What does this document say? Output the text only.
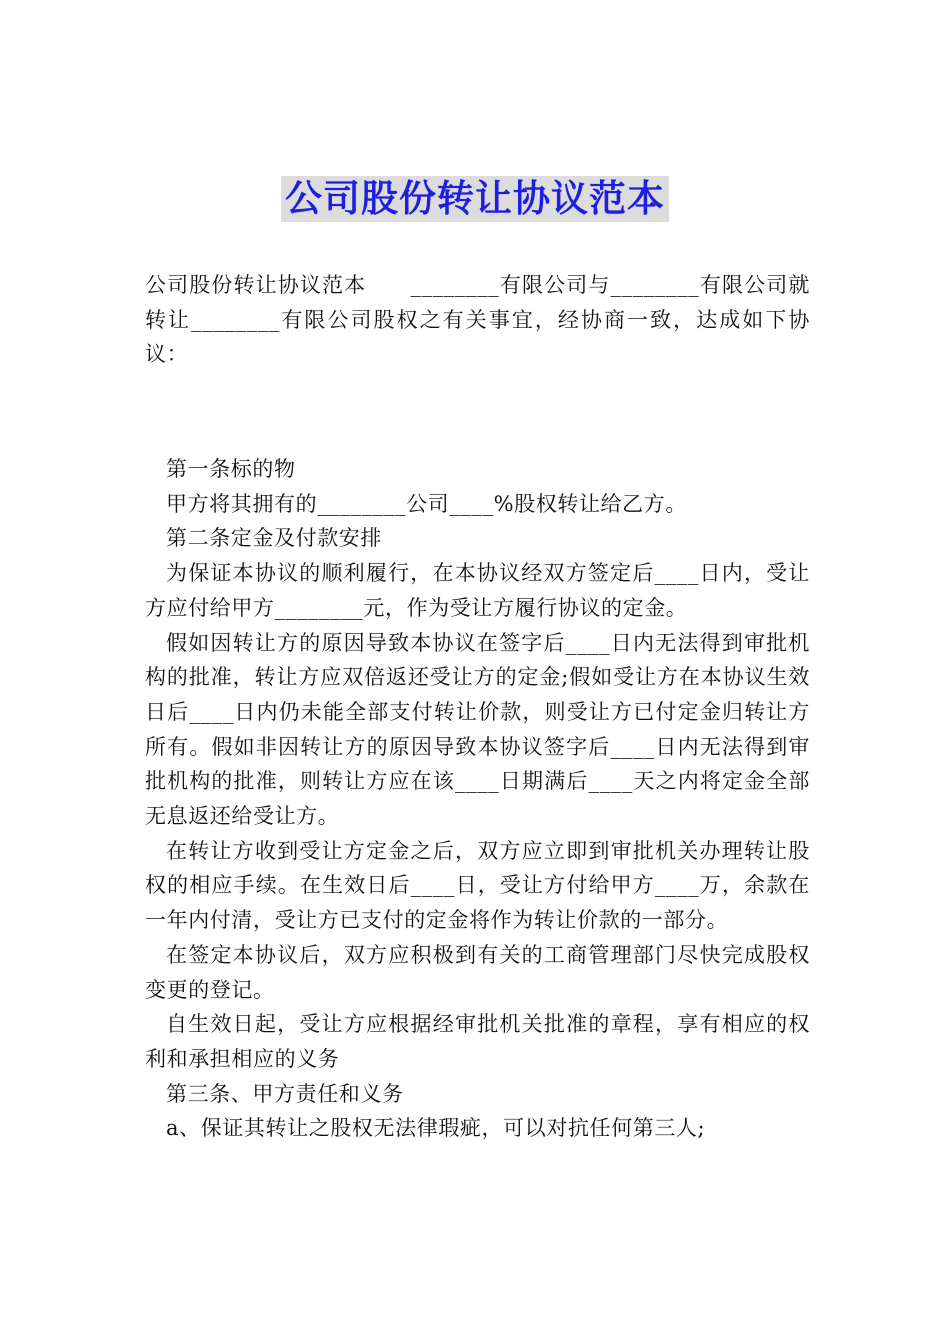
公司股份转让协议范本

公司股份转让协议范本　　________有限公司与________有限公司就转让________有限公司股权之有关事宜，经协商一致，达成如下协议：

第一条标的物

甲方将其拥有的________公司____%股权转让给乙方。

第二条定金及付款安排

为保证本协议的顺利履行，在本协议经双方签定后____日内，受让方应付给甲方________元，作为受让方履行协议的定金。

假如因转让方的原因导致本协议在签字后____日内无法得到审批机构的批准，转让方应双倍返还受让方的定金;假如受让方在本协议生效日后____日内仍未能全部支付转让价款，则受让方已付定金归转让方所有。假如非因转让方的原因导致本协议签字后____日内无法得到审批机构的批准，则转让方应在该____日期满后____天之内将定金全部无息返还给受让方。

在转让方收到受让方定金之后，双方应立即到审批机关办理转让股权的相应手续。在生效日后____日，受让方付给甲方____万，余款在一年内付清，受让方已支付的定金将作为转让价款的一部分。

在签定本协议后，双方应积极到有关的工商管理部门尽快完成股权变更的登记。

自生效日起，受让方应根据经审批机关批准的章程，享有相应的权利和承担相应的义务

第三条、甲方责任和义务

a、保证其转让之股权无法律瑕疵，可以对抗任何第三人;
